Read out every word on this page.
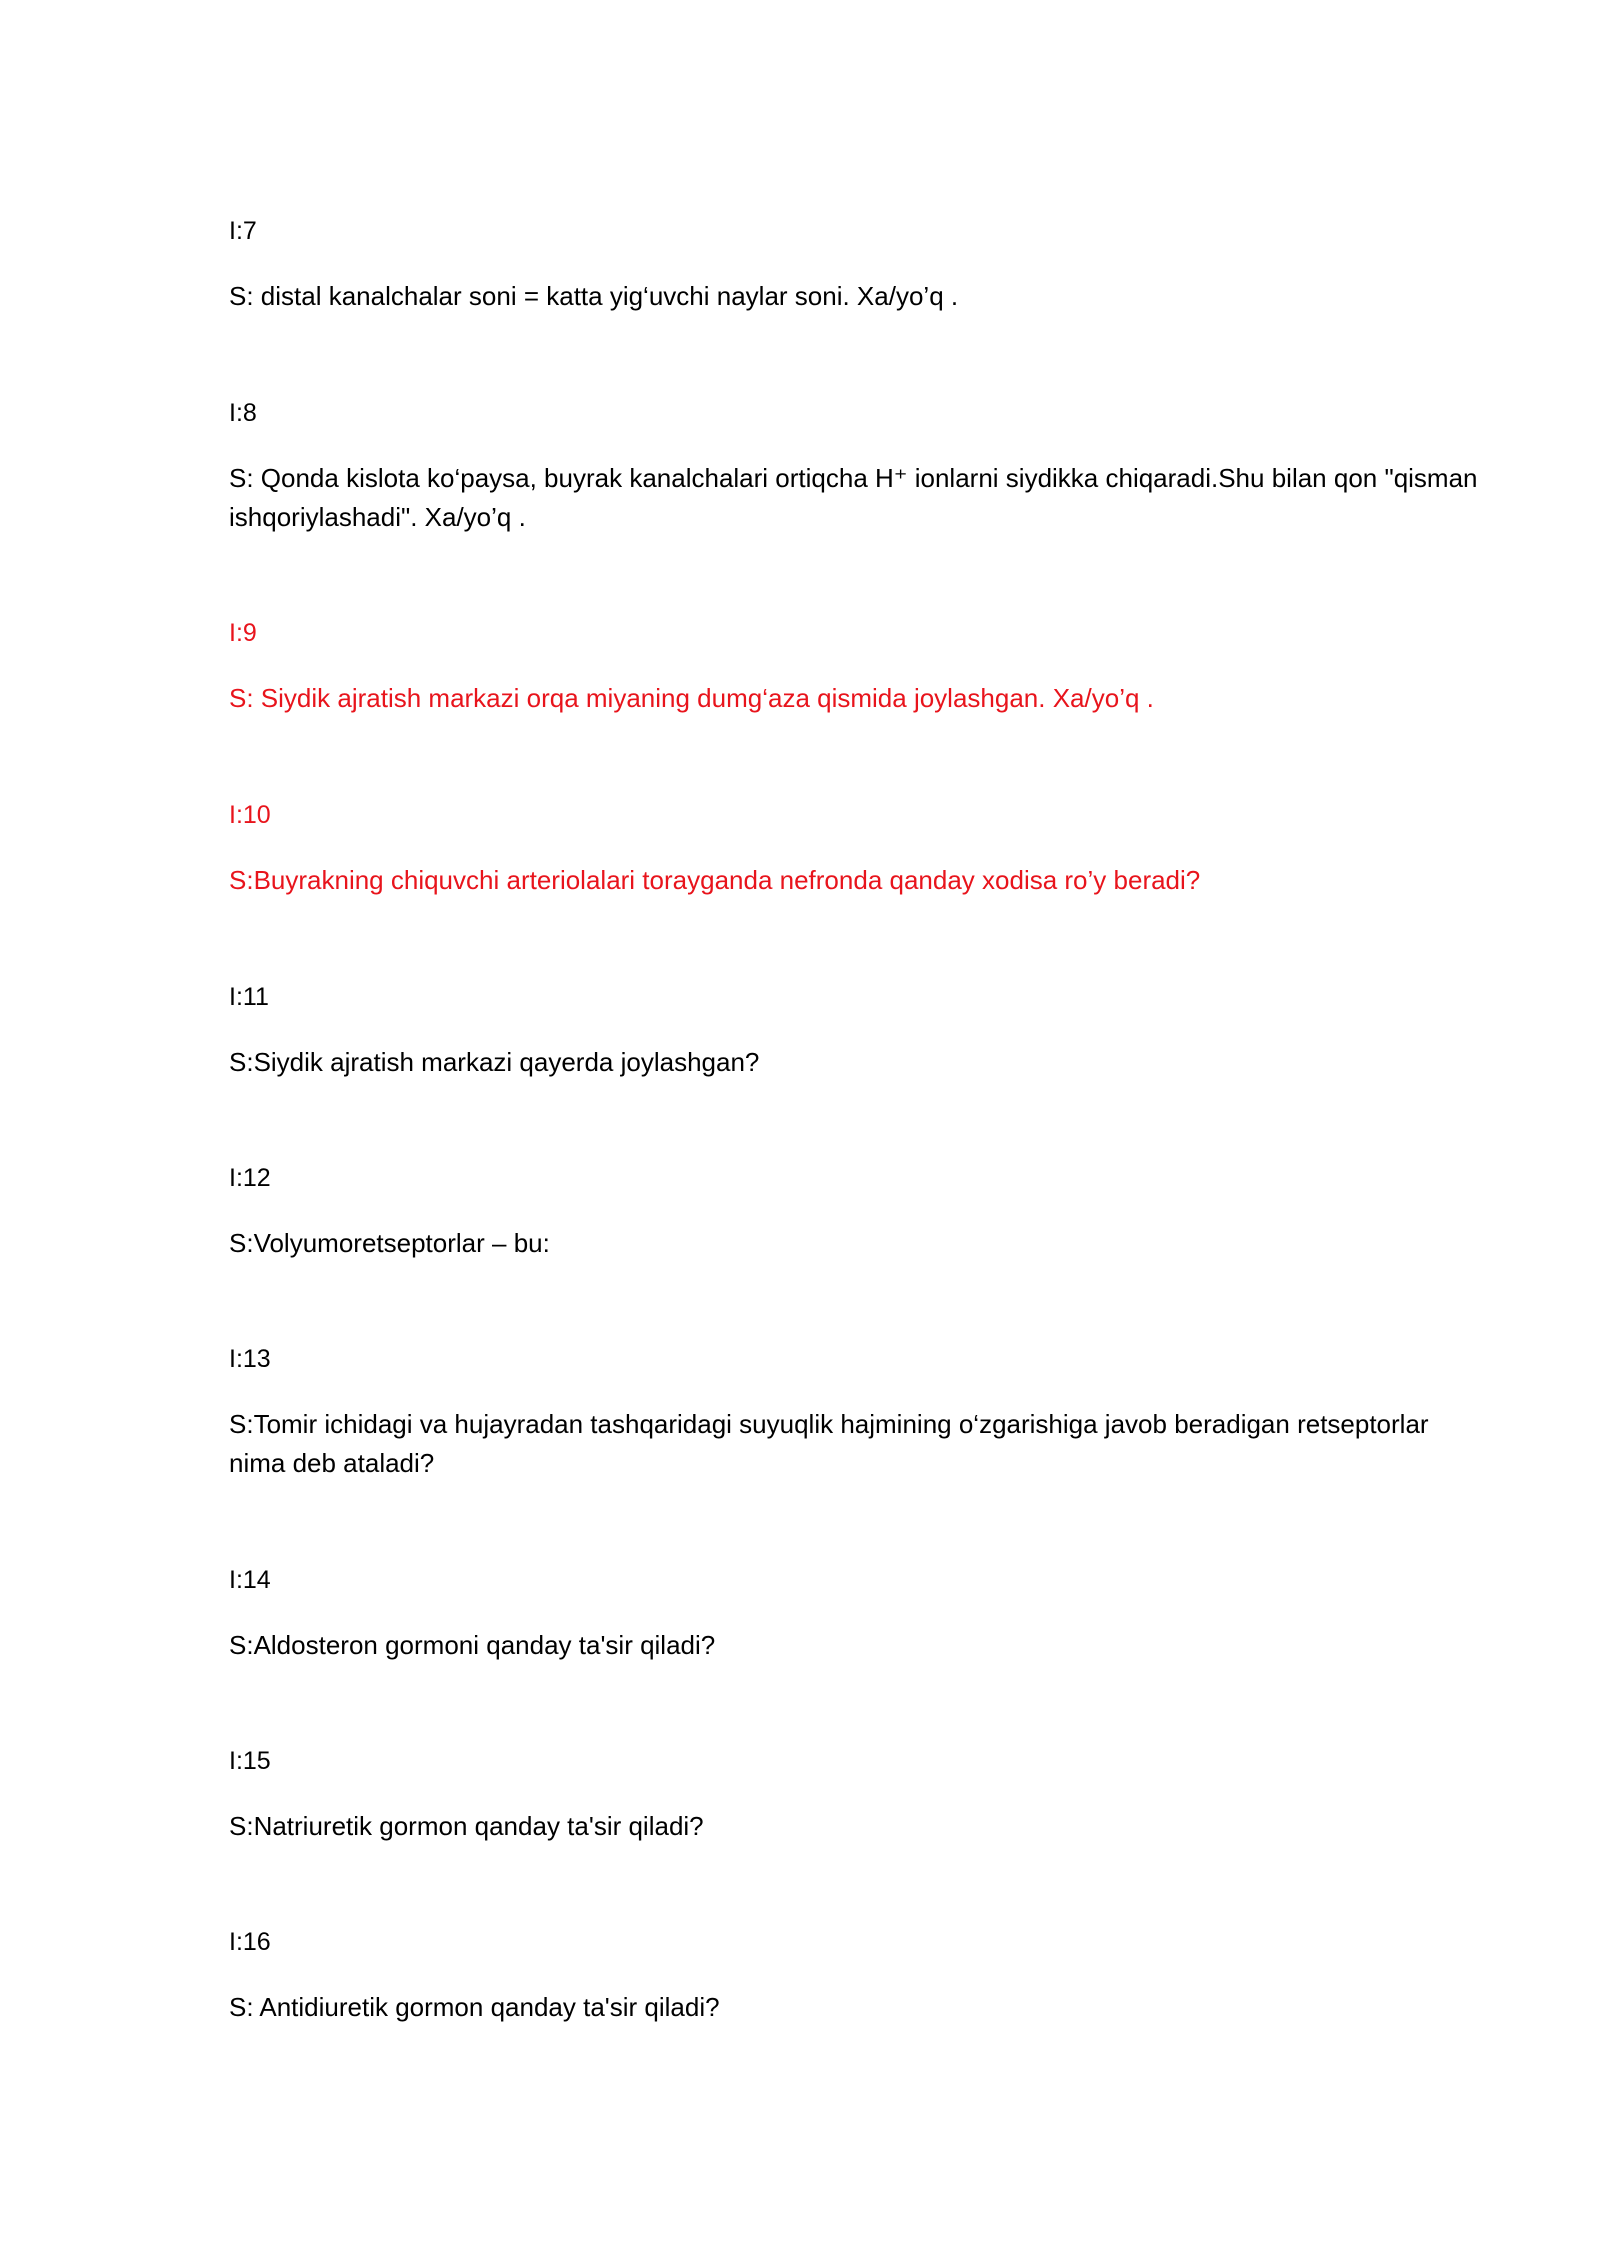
I:7

S: distal kanalchalar soni = katta yig‘uvchi naylar soni. Xa/yo’q .

I:8

S: Qonda kislota ko‘paysa, buyrak kanalchalari ortiqcha H⁺ ionlarni siydikka chiqaradi.Shu bilan qon "qisman ishqoriylashadi". Xa/yo’q .

I:9

S: Siydik ajratish markazi orqa miyaning dumg‘aza qismida joylashgan. Xa/yo’q .

I:10

S:Buyrakning chiquvchi arteriolalari torayganda nefronda qanday xodisa ro’y beradi?

I:11

S:Siydik ajratish markazi qayerda joylashgan?

I:12

S:Volyumoretseptorlar – bu:

I:13

S:Tomir ichidagi va hujayradan tashqaridagi suyuqlik hajmining o‘zgarishiga javob beradigan retseptorlar nima deb ataladi?

I:14

S:Aldosteron gormoni qanday ta'sir qiladi?

I:15

S:Natriuretik gormon qanday ta'sir qiladi?

I:16

S: Antidiuretik gormon qanday ta'sir qiladi?
